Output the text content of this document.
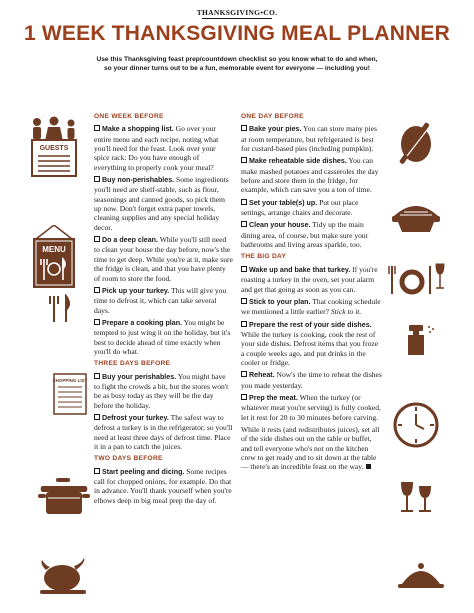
THANKSGIVING•CO.
1 WEEK THANKSGIVING MEAL PLANNER
Use this Thanksgiving feast prep/countdown checklist so you know what to do and when,
so your dinner turns out to be a fun, memorable event for everyone — including you!
GUESTS
MENU
SHOPPING LIST
ONE WEEK BEFORE
Make a shopping list. Go over your entire menu and each recipe, noting what you'll need for the feast. Look over your spice rack: Do you have enough of everything to properly cook your meal?
Buy non-perishables. Some ingredients you'll need are shelf-stable, such as flour, seasonings and canned goods, so pick them up now. Don't forget extra paper towels, cleaning supplies and any special holiday decor.
Do a deep clean. While you'll still need to clean your house the day before, now's the time to get deep. While you're at it, make sure the fridge is clean, and that you have plenty of room to store the food.
Pick up your turkey. This will give you time to defrost it, which can take several days.
Prepare a cooking plan. You might be tempted to just wing it on the holiday, but it's best to decide ahead of time exactly when you'll do what.
THREE DAYS BEFORE
Buy your perishables. You might have to fight the crowds a bit, but the stores won't be as busy today as they will be the day before the holiday.
Defrost your turkey. The safest way to defrost a turkey is in the refrigerator, so you'll need at least three days of defrost time. Place it in a pan to catch the juices.
TWO DAYS BEFORE
Start peeling and dicing. Some recipes call for chopped onions, for example. Do that in advance. You'll thank yourself when you're elbows deep in big meal prep the day of.
ONE DAY BEFORE
Bake your pies. You can store many pies at room temperature, but refrigerated is best for custard-based pies (including pumpkin).
Make reheatable side dishes. You can make mashed potatoes and casseroles the day before and store them in the fridge, for example, which can save you a ton of time.
Set your table(s) up. Put out place settings, arrange chairs and decorate.
Clean your house. Tidy up the main dining area, of course, but make sure your bathrooms and living areas sparkle, too.
THE BIG DAY
Wake up and bake that turkey. If you're roasting a turkey in the oven, set your alarm and get that going as soon as you can.
Stick to your plan. That cooking schedule we mentioned a little earlier? Stick to it.
Prepare the rest of your side dishes. While the turkey is cooking, cook the rest of your side dishes. Defrost items that you froze a couple weeks ago, and put drinks in the cooler or fridge.
Reheat. Now's the time to reheat the dishes you made yesterday.
Prep the meat. When the turkey (or whatever meat you're serving) is fully cooked, let it rest for 20 to 30 minutes before carving.
While it rests (and redistributes juices), set all of the side dishes out on the table or buffet, and tell everyone who's not on the kitchen crew to get ready and to sit down at the table — there's an incredible feast on the way.
